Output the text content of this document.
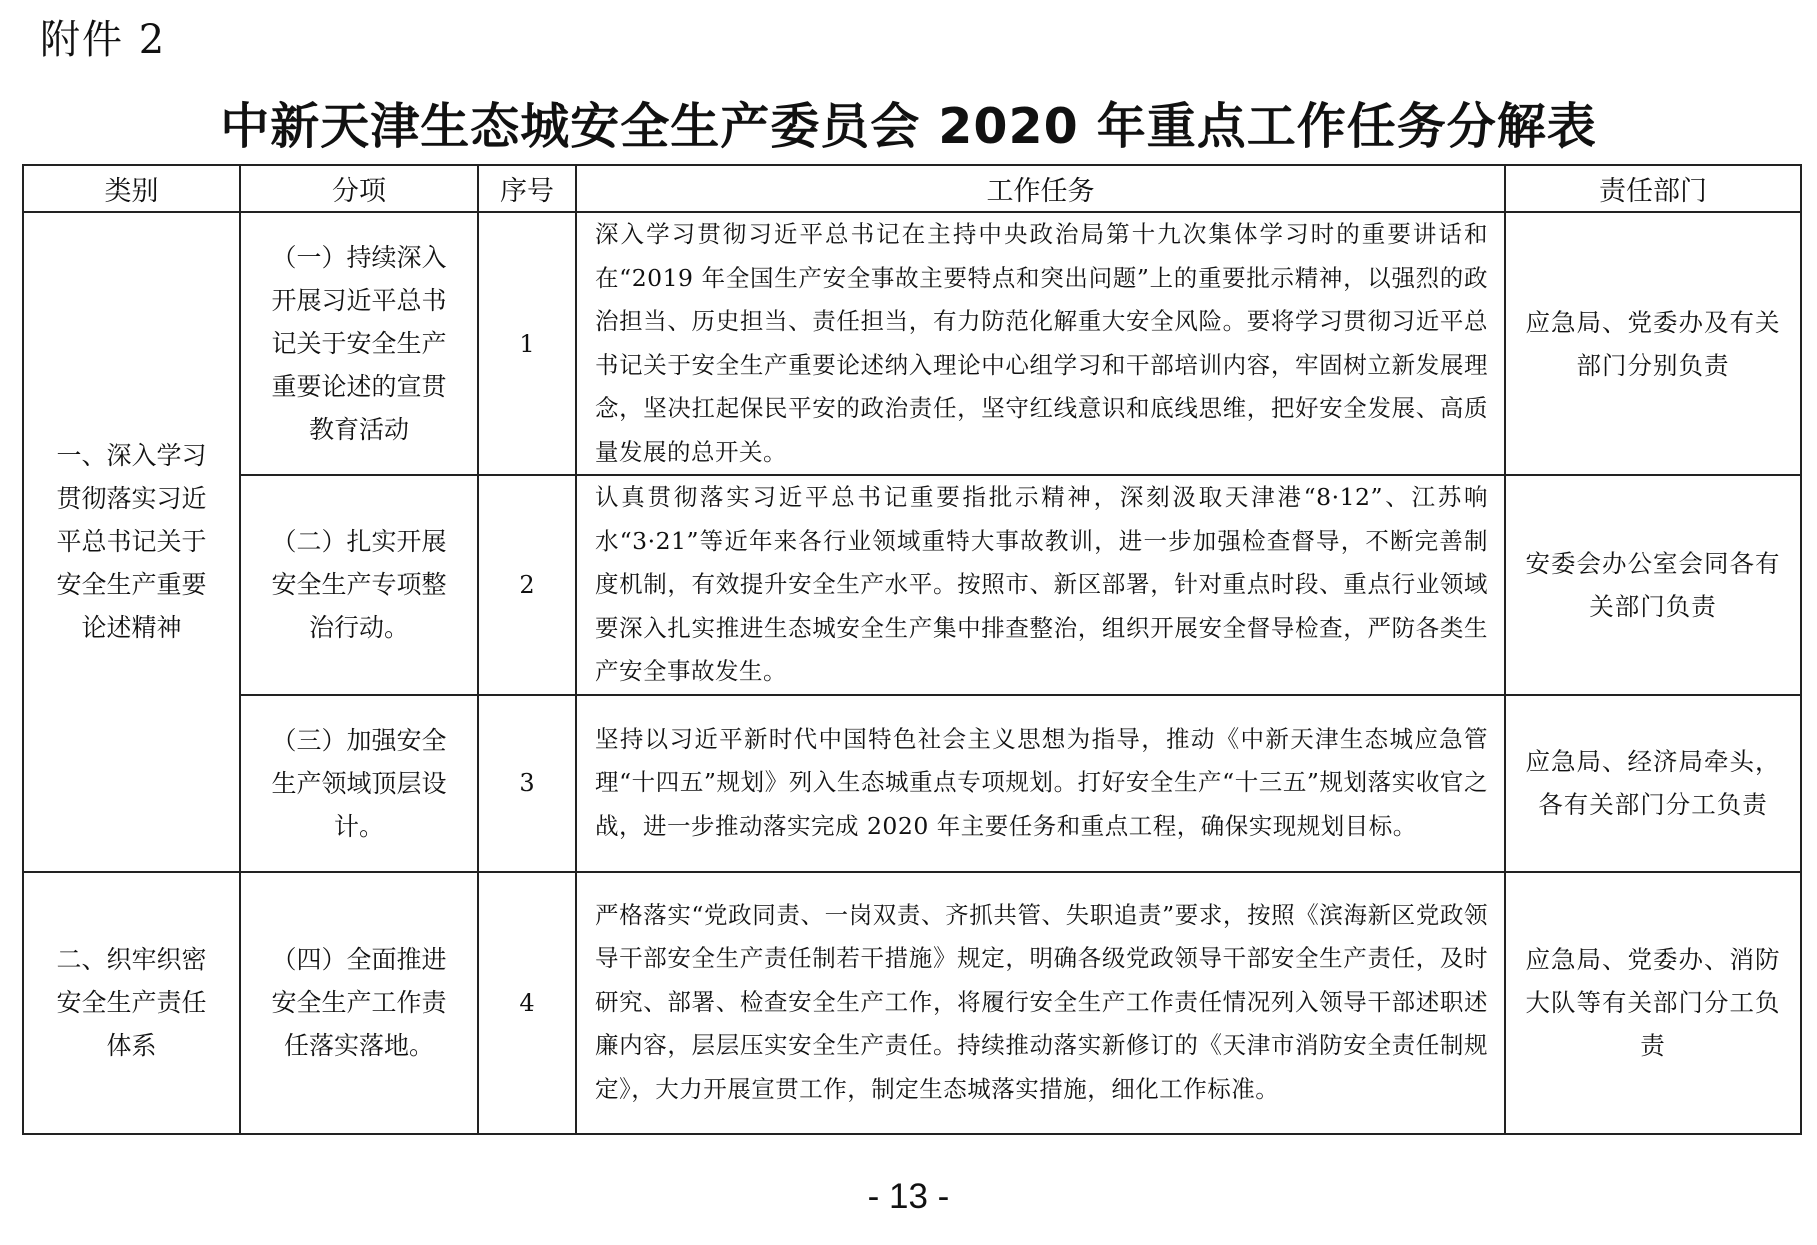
附件 2
中新天津生态城安全生产委员会 2020 年重点工作任务分解表
类别	分项	序号	工作任务	责任部门

一、深入学习贯彻落实习近平总书记关于安全生产重要论述精神	（一）持续深入开展习近平总书记关于安全生产重要论述的宣贯教育活动	1	深入学习贯彻习近平总书记在主持中央政治局第十九次集体学习时的重要讲话和在“2019 年全国生产安全事故主要特点和突出问题”上的重要批示精神，以强烈的政治担当、历史担当、责任担当，有力防范化解重大安全风险。要将学习贯彻习近平总书记关于安全生产重要论述纳入理论中心组学习和干部培训内容，牢固树立新发展理念，坚决扛起保民平安的政治责任，坚守红线意识和底线思维，把好安全发展、高质量发展的总开关。	应急局、党委办及有关部门分别负责

	（二）扎实开展安全生产专项整治行动。	2	认真贯彻落实习近平总书记重要指批示精神，深刻汲取天津港“8·12”、江苏响水“3·21”等近年来各行业领域重特大事故教训，进一步加强检查督导，不断完善制度机制，有效提升安全生产水平。按照市、新区部署，针对重点时段、重点行业领域要深入扎实推进生态城安全生产集中排查整治，组织开展安全督导检查，严防各类生产安全事故发生。	安委会办公室会同各有关部门负责

	（三）加强安全生产领域顶层设计。	3	坚持以习近平新时代中国特色社会主义思想为指导，推动《中新天津生态城应急管理“十四五”规划》列入生态城重点专项规划。打好安全生产“十三五”规划落实收官之战，进一步推动落实完成 2020 年主要任务和重点工程，确保实现规划目标。	应急局、经济局牵头，各有关部门分工负责

二、织牢织密安全生产责任体系	（四）全面推进安全生产工作责任落实落地。	4	严格落实“党政同责、一岗双责、齐抓共管、失职追责”要求，按照《滨海新区党政领导干部安全生产责任制若干措施》规定，明确各级党政领导干部安全生产责任，及时研究、部署、检查安全生产工作，将履行安全生产工作责任情况列入领导干部述职述廉内容，层层压实安全生产责任。持续推动落实新修订的《天津市消防安全责任制规定》，大力开展宣贯工作，制定生态城落实措施，细化工作标准。	应急局、党委办、消防大队等有关部门分工负责
- 13 -
